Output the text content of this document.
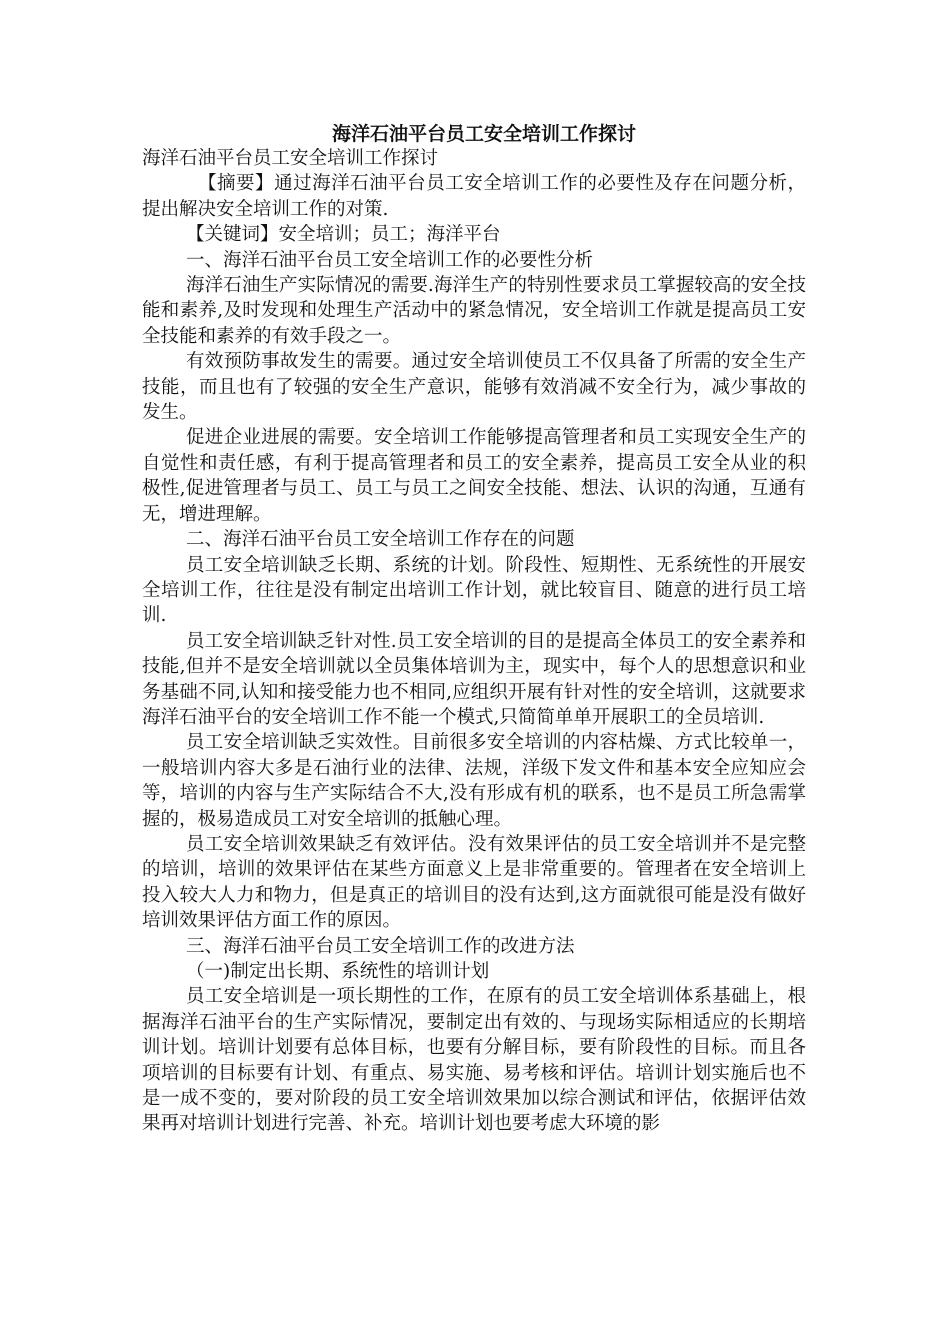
海洋石油平台员工安全培训工作探讨

海洋石油平台员工安全培训工作探讨

【摘要】通过海洋石油平台员工安全培训工作的必要性及存在问题分析，提出解决安全培训工作的对策.

【关键词】安全培训；员工；海洋平台

一、海洋石油平台员工安全培训工作的必要性分析

海洋石油生产实际情况的需要.海洋生产的特别性要求员工掌握较高的安全技能和素养,及时发现和处理生产活动中的紧急情况，安全培训工作就是提高员工安全技能和素养的有效手段之一。

有效预防事故发生的需要。通过安全培训使员工不仅具备了所需的安全生产技能，而且也有了较强的安全生产意识，能够有效消减不安全行为，减少事故的发生。

促进企业进展的需要。安全培训工作能够提高管理者和员工实现安全生产的自觉性和责任感，有利于提高管理者和员工的安全素养，提高员工安全从业的积极性,促进管理者与员工、员工与员工之间安全技能、想法、认识的沟通，互通有无，增进理解。

二、海洋石油平台员工安全培训工作存在的问题

员工安全培训缺乏长期、系统的计划。阶段性、短期性、无系统性的开展安全培训工作，往往是没有制定出培训工作计划，就比较盲目、随意的进行员工培训.

员工安全培训缺乏针对性.员工安全培训的目的是提高全体员工的安全素养和技能,但并不是安全培训就以全员集体培训为主，现实中，每个人的思想意识和业务基础不同,认知和接受能力也不相同,应组织开展有针对性的安全培训，这就要求海洋石油平台的安全培训工作不能一个模式,只简简单单开展职工的全员培训.

员工安全培训缺乏实效性。目前很多安全培训的内容枯燥、方式比较单一，一般培训内容大多是石油行业的法律、法规，洋级下发文件和基本安全应知应会等，培训的内容与生产实际结合不大,没有形成有机的联系，也不是员工所急需掌握的，极易造成员工对安全培训的抵触心理。

员工安全培训效果缺乏有效评估。没有效果评估的员工安全培训并不是完整的培训，培训的效果评估在某些方面意义上是非常重要的。管理者在安全培训上投入较大人力和物力，但是真正的培训目的没有达到,这方面就很可能是没有做好培训效果评估方面工作的原因。

三、海洋石油平台员工安全培训工作的改进方法

（一)制定出长期、系统性的培训计划

员工安全培训是一项长期性的工作，在原有的员工安全培训体系基础上，根据海洋石油平台的生产实际情况，要制定出有效的、与现场实际相适应的长期培训计划。培训计划要有总体目标，也要有分解目标，要有阶段性的目标。而且各项培训的目标要有计划、有重点、易实施、易考核和评估。培训计划实施后也不是一成不变的，要对阶段的员工安全培训效果加以综合测试和评估，依据评估效果再对培训计划进行完善、补充。培训计划也要考虑大环境的影
